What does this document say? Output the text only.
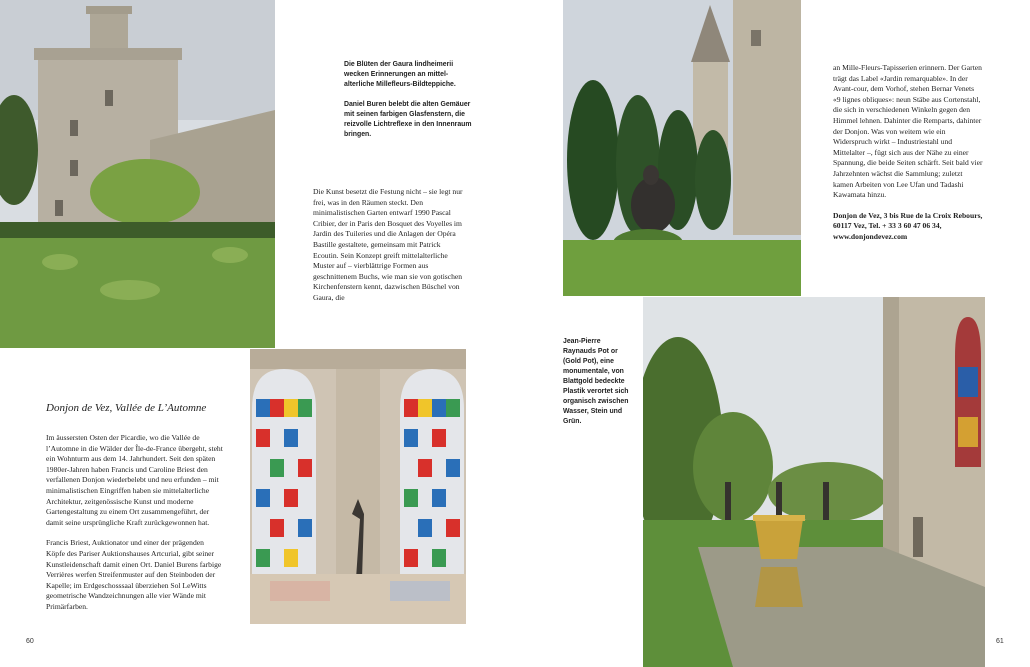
Die Blüten der Gaura lindheimerii wecken Erinnerungen an mittel-alterliche Millefleurs-Bildteppiche.

Daniel Buren belebt die alten Gemäuer mit seinen farbigen Glasfenstern, die reizvolle Lichtreflexe in den Innenraum bringen.

Die Kunst besetzt die Festung nicht – sie legt nur frei, was in den Räumen steckt. Den minimalistischen Garten entwarf 1990 Pascal Cribier, der in Paris den Bosquet des Voyelles im Jardin des Tuileries und die Anlagen der Opéra Bastille gestaltete, gemeinsam mit Patrick Ecoutin. Sein Konzept greift mittelalterliche Muster auf – vierblättrige Formen aus geschnittenem Buchs, wie man sie von gotischen Kirchenfenstern kennt, dazwischen Büschel von Gaura, die

Donjon de Vez, Vallée de L’Automne

Im äussersten Osten der Picardie, wo die Vallée de l’Automne in die Wälder der Île-de-France übergeht, steht ein Wohnturm aus dem 14. Jahrhundert. Seit den späten 1980er-Jahren haben Francis und Caroline Briest den verfallenen Donjon wiederbelebt und neu erfunden – mit minimalistischen Eingriffen haben sie mittelalterliche Architektur, zeitgenössische Kunst und moderne Gartengestaltung zu einem Ort zusammengeführt, der damit seine ursprüngliche Kraft zurückgewonnen hat.

Francis Briest, Auktionator und einer der prägenden Köpfe des Pariser Auktionshauses Artcurial, gibt seiner Kunstleidenschaft damit einen Ort. Daniel Burens farbige Verrières werfen Streifenmuster auf den Steinboden der Kapelle; im Erdgeschosssaal überziehen Sol LeWitts geometrische Wandzeichnungen alle vier Wände mit Primärfarben.

an Mille-Fleurs-Tapisserien erinnern. Der Garten trägt das Label «Jardin remarquable». In der Avant-cour, dem Vorhof, stehen Bernar Venets «9 lignes obliques»: neun Stäbe aus Cortenstahl, die sich in verschiedenen Winkeln gegen den Himmel lehnen. Dahinter die Remparts, dahinter der Donjon. Was von weitem wie ein Widerspruch wirkt – Industriestahl und Mittelalter –, fügt sich aus der Nähe zu einer Spannung, die beide Seiten schärft. Seit bald vier Jahrzehnten wächst die Sammlung; zuletzt kamen Arbeiten von Lee Ufan und Tadashi Kawamata hinzu.

Donjon de Vez, 3 bis Rue de la Croix Rebours, 60117 Vez, Tel. + 33 3 60 47 06 34, www.donjondevez.com

Jean-Pierre Raynauds Pot or (Gold Pot), eine monumentale, von Blattgold bedeckte Plastik verortet sich organisch zwischen Wasser, Stein und Grün.

60	61
